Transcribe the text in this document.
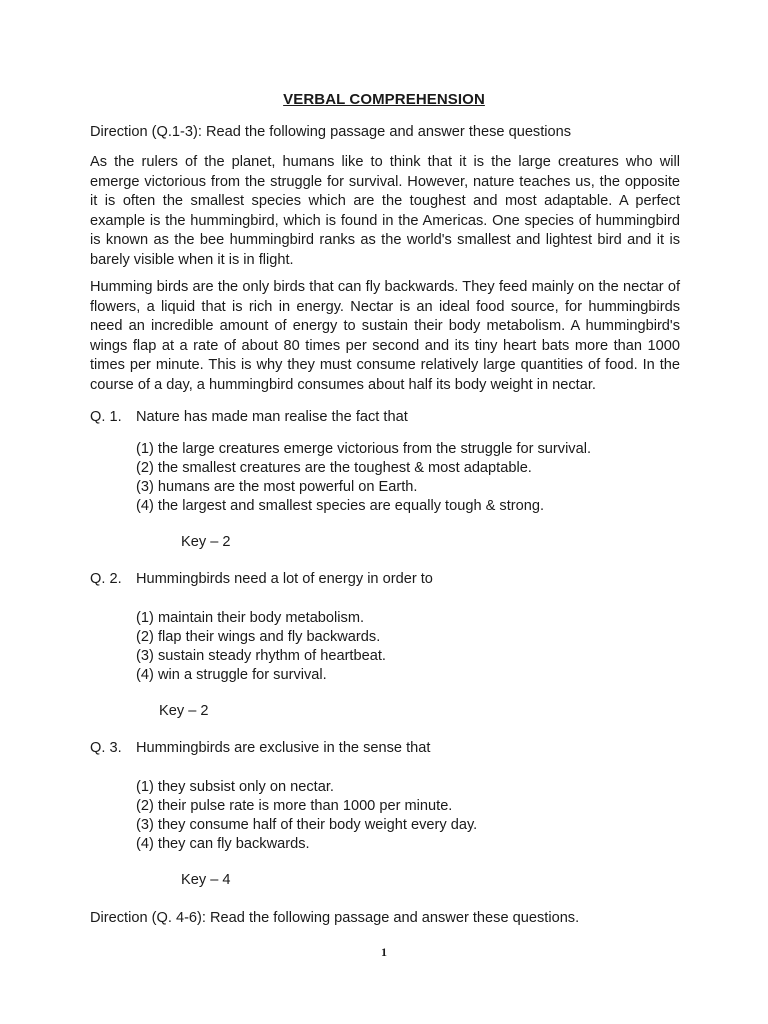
VERBAL COMPREHENSION
Direction (Q.1-3): Read the following passage and answer these questions

As the rulers of the planet, humans like to think that it is the large creatures who will emerge victorious from the struggle for survival. However, nature teaches us, the opposite it is often the smallest species which are the toughest and most adaptable. A perfect example is the hummingbird, which is found in the Americas. One species of hummingbird is known as the bee hummingbird ranks as the world's smallest and lightest bird and it is barely visible when it is in flight.

Humming birds are the only birds that can fly backwards. They feed mainly on the nectar of flowers, a liquid that is rich in energy. Nectar is an ideal food source, for hummingbirds need an incredible amount of energy to sustain their body metabolism. A hummingbird's wings flap at a rate of about 80 times per second and its tiny heart bats more than 1000 times per minute. This is why they must consume relatively large quantities of food. In the course of a day, a hummingbird consumes about half its body weight in nectar.

Q. 1. Nature has made man realise the fact that
(1) the large creatures emerge victorious from the struggle for survival.
(2) the smallest creatures are the toughest & most adaptable.
(3) humans are the most powerful on Earth.
(4) the largest and smallest species are equally tough & strong.
Key – 2
Q. 2. Hummingbirds need a lot of energy in order to
(1) maintain their body metabolism.
(2) flap their wings and fly backwards.
(3) sustain steady rhythm of heartbeat.
(4) win a struggle for survival.
Key – 2
Q. 3. Hummingbirds are exclusive in the sense that
(1) they subsist only on nectar.
(2) their pulse rate is more than 1000 per minute.
(3) they consume half of their body weight every day.
(4) they can fly backwards.
Key – 4
Direction (Q. 4-6): Read the following passage and answer these questions.
1
